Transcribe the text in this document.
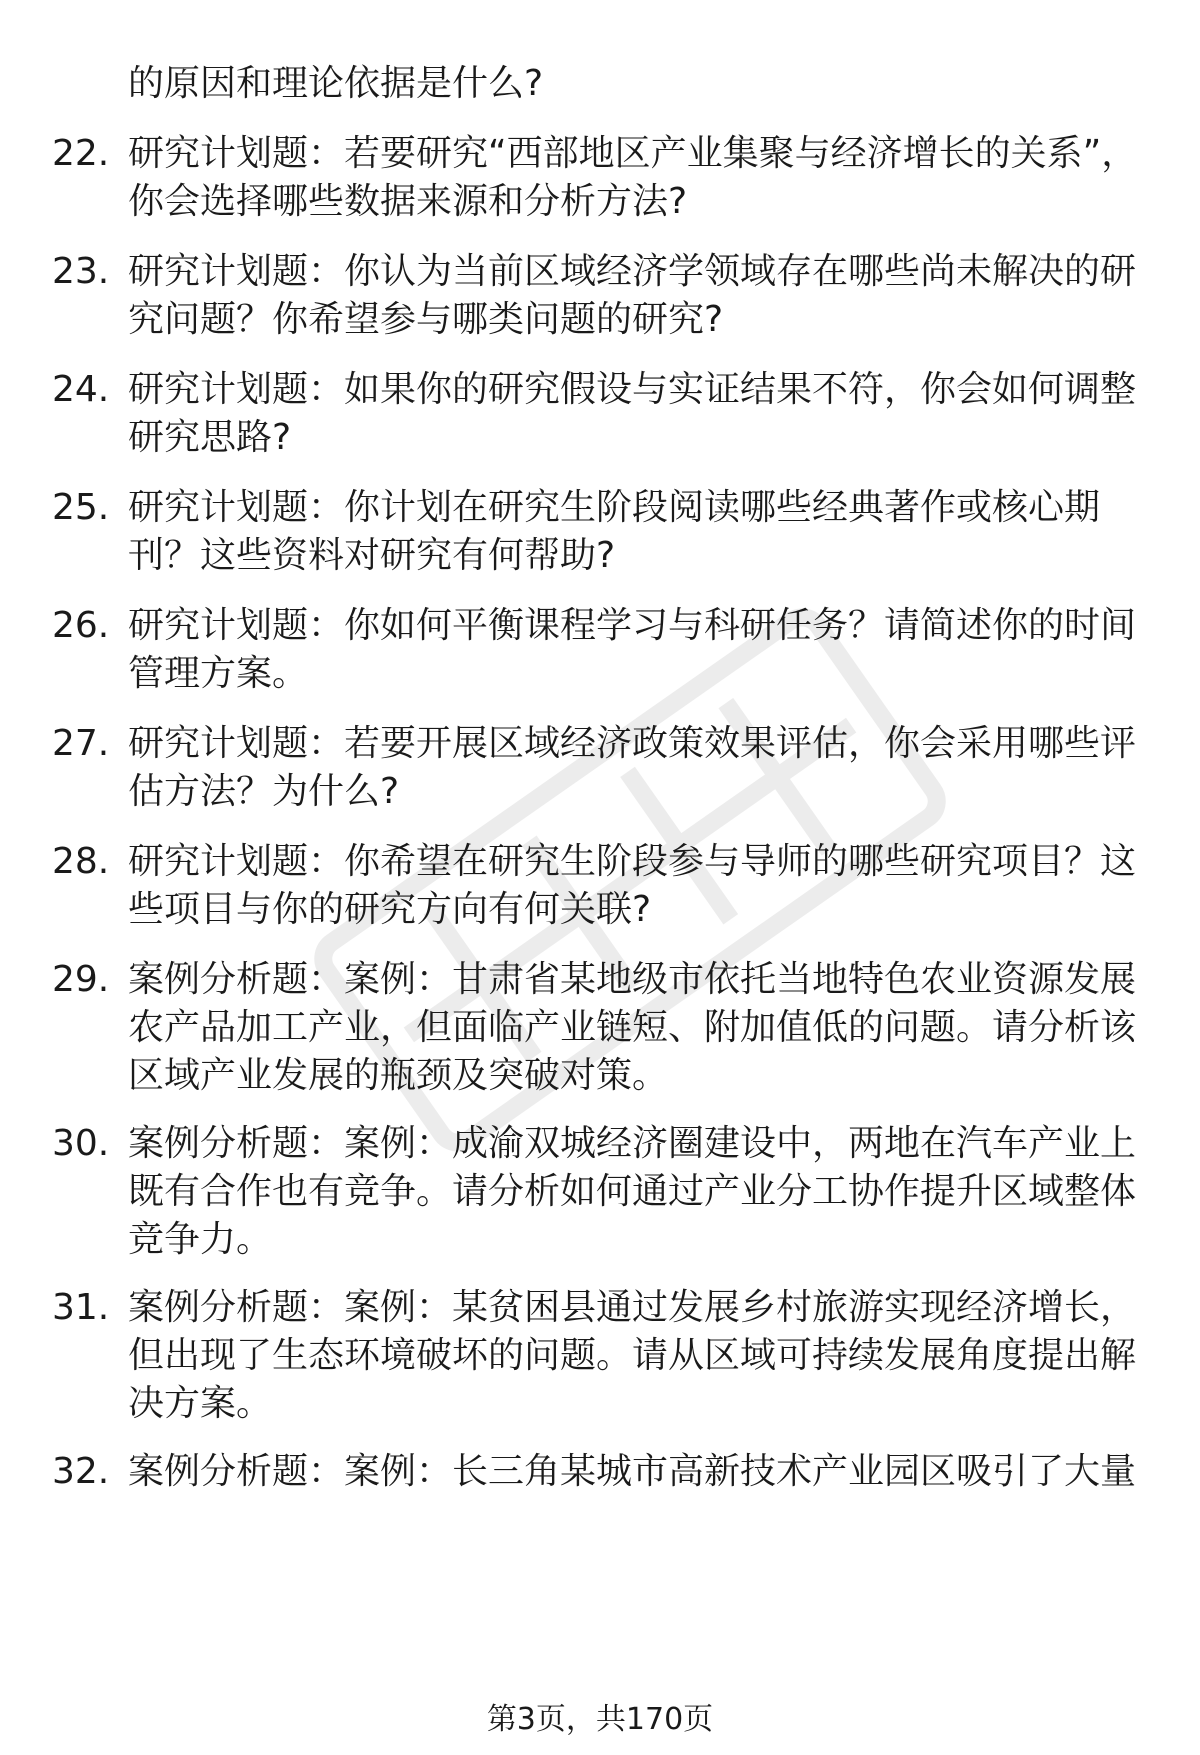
的原因和理论依据是什么?

22. 研究计划题：若要研究“西部地区产业集聚与经济增长的关系”，你会选择哪些数据来源和分析方法?
23. 研究计划题：你认为当前区域经济学领域存在哪些尚未解决的研究问题？你希望参与哪类问题的研究?
24. 研究计划题：如果你的研究假设与实证结果不符，你会如何调整研究思路?
25. 研究计划题：你计划在研究生阶段阅读哪些经典著作或核心期刊？这些资料对研究有何帮助?
26. 研究计划题：你如何平衡课程学习与科研任务？请简述你的时间管理方案。
27. 研究计划题：若要开展区域经济政策效果评估，你会采用哪些评估方法？为什么?
28. 研究计划题：你希望在研究生阶段参与导师的哪些研究项目？这些项目与你的研究方向有何关联?
29. 案例分析题：案例：甘肃省某地级市依托当地特色农业资源发展农产品加工产业，但面临产业链短、附加值低的问题。请分析该区域产业发展的瓶颈及突破对策。
30. 案例分析题：案例：成渝双城经济圈建设中，两地在汽车产业上既有合作也有竞争。请分析如何通过产业分工协作提升区域整体竞争力。
31. 案例分析题：案例：某贫困县通过发展乡村旅游实现经济增长，但出现了生态环境破坏的问题。请从区域可持续发展角度提出解决方案。
32. 案例分析题：案例：长三角某城市高新技术产业园区吸引了大量
第3页，共170页
